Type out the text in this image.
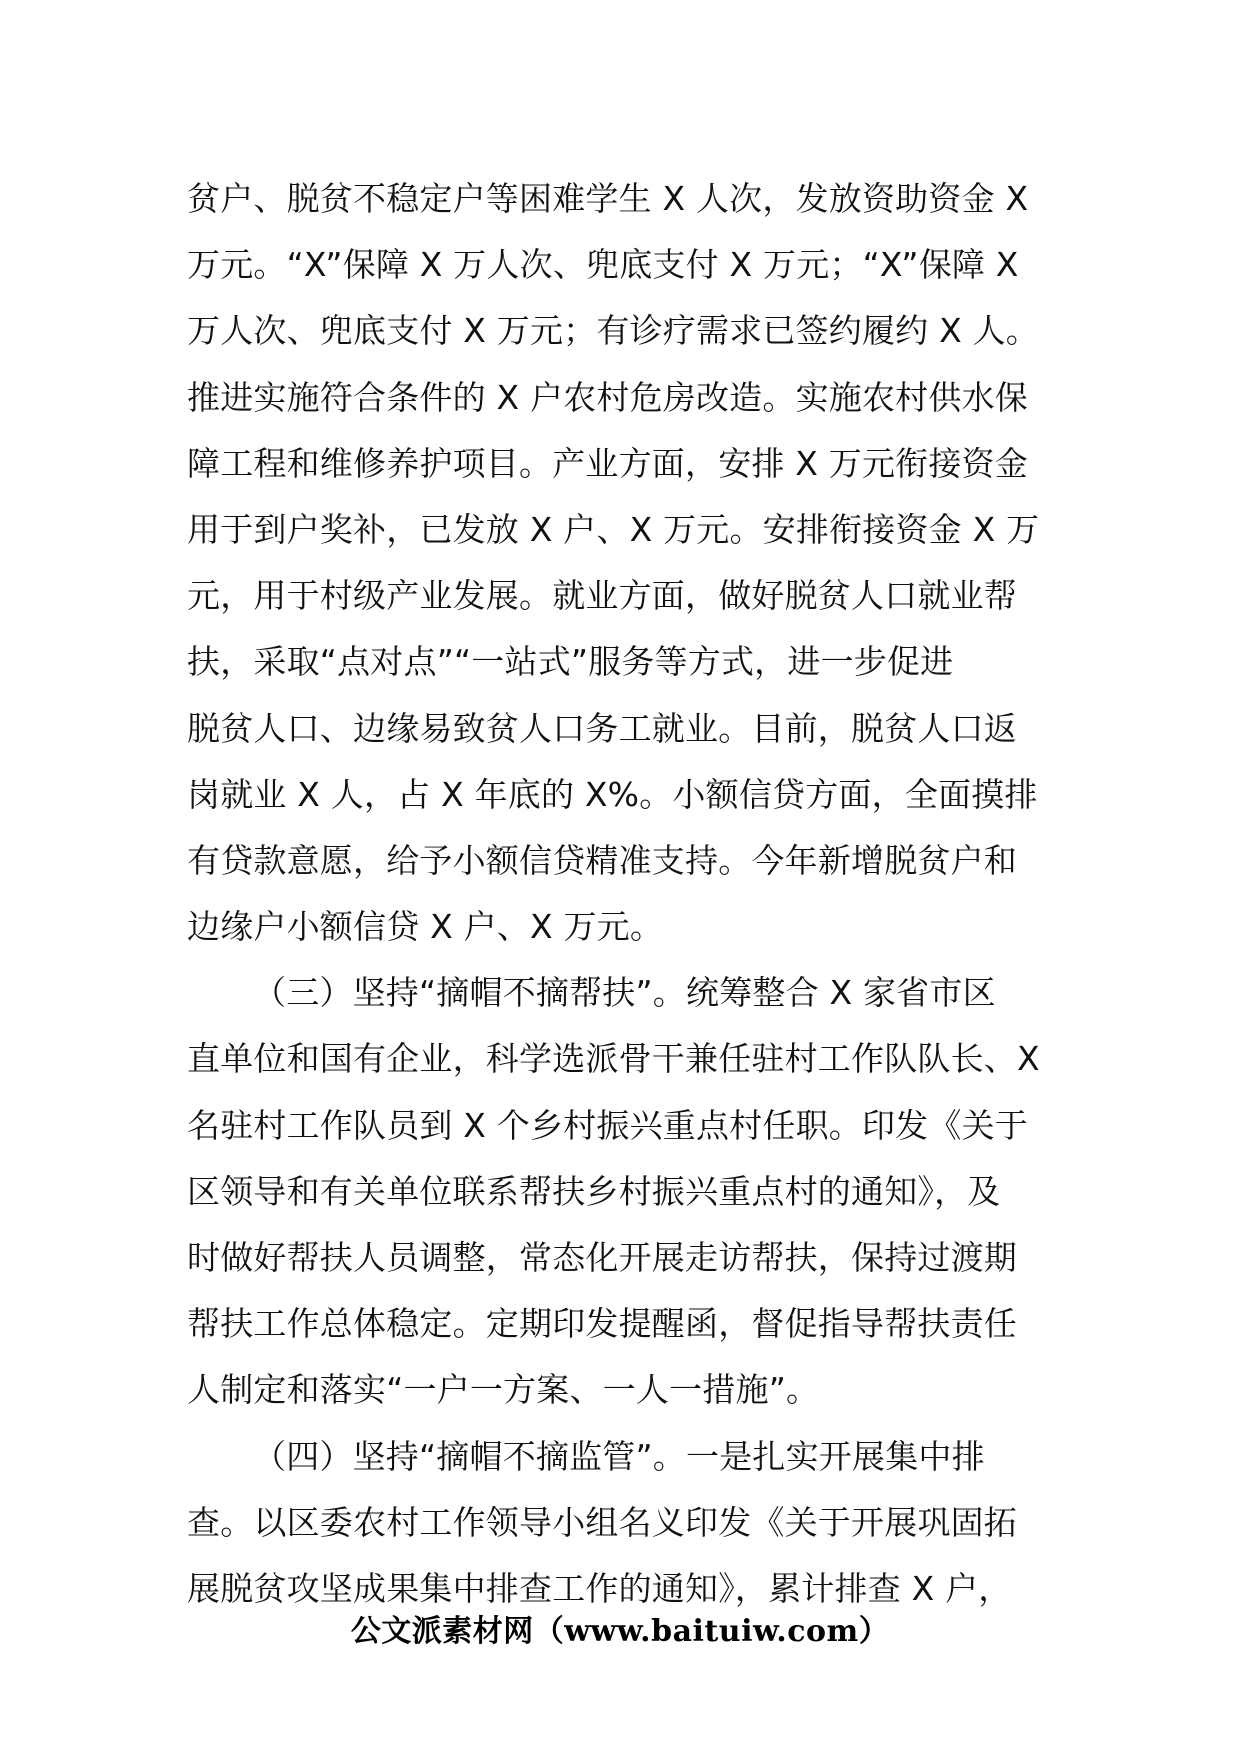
贫户、脱贫不稳定户等困难学生 X 人次，发放资助资金 X
万元。“X”保障 X 万人次、兜底支付 X 万元；“X”保障 X
万人次、兜底支付 X 万元；有诊疗需求已签约履约 X 人。
推进实施符合条件的 X 户农村危房改造。实施农村供水保
障工程和维修养护项目。产业方面，安排 X 万元衔接资金
用于到户奖补，已发放 X 户、X 万元。安排衔接资金 X 万
元，用于村级产业发展。就业方面，做好脱贫人口就业帮
扶，采取“点对点”“一站式”服务等方式，进一步促进
脱贫人口、边缘易致贫人口务工就业。目前，脱贫人口返
岗就业 X 人，占 X 年底的 X%。小额信贷方面，全面摸排
有贷款意愿，给予小额信贷精准支持。今年新增脱贫户和
边缘户小额信贷 X 户、X 万元。
（三）坚持“摘帽不摘帮扶”。统筹整合 X 家省市区
直单位和国有企业，科学选派骨干兼任驻村工作队队长、X
名驻村工作队员到 X 个乡村振兴重点村任职。印发《关于
区领导和有关单位联系帮扶乡村振兴重点村的通知》，及
时做好帮扶人员调整，常态化开展走访帮扶，保持过渡期
帮扶工作总体稳定。定期印发提醒函，督促指导帮扶责任
人制定和落实“一户一方案、一人一措施”。
（四）坚持“摘帽不摘监管”。一是扎实开展集中排
查。以区委农村工作领导小组名义印发《关于开展巩固拓
展脱贫攻坚成果集中排查工作的通知》，累计排查 X 户，
公文派素材网（www.baituiw.com）
